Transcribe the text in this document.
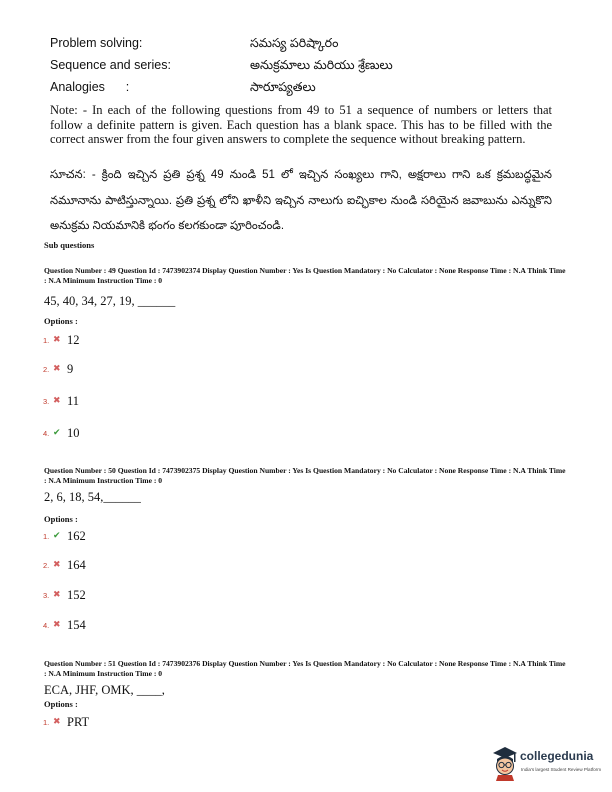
Problem solving:	సమస్య పరిష్కారం
Sequence and series:	అనుక్రమాలు మరియు శ్రేణులు
Analogies      :	సారూప్యతలు
Note: - In each of the following questions from 49 to 51 a sequence of numbers or letters that follow a definite pattern is given. Each question has a blank space. This has to be filled with the correct answer from the four given answers to complete the sequence without breaking pattern.
సూచన: - క్రింది ఇచ్చిన ప్రతి ప్రశ్న 49 నుండి 51 లో ఇచ్చిన సంఖ్యలు గాని, అక్షరాలు గాని ఒక క్రమబద్ధమైన నమూనాను పాటిస్తున్నాయి. ప్రతి ప్రశ్న లోని ఖాళీని ఇచ్చిన నాలుగు ఐచ్ఛికాల నుండి సరియైన జవాబును ఎన్నుకొని అనుక్రమ నియమానికి భంగం కలగకుండా పూరించండి.
Sub questions
Question Number : 49 Question Id : 7473902374 Display Question Number : Yes Is Question Mandatory : No Calculator : None Response Time : N.A Think Time : N.A Minimum Instruction Time : 0
45, 40, 34, 27, 19, ______
Options :
1. ✖ 12
2. ✖ 9
3. ✖ 11
4. ✔ 10
Question Number : 50 Question Id : 7473902375 Display Question Number : Yes Is Question Mandatory : No Calculator : None Response Time : N.A Think Time : N.A Minimum Instruction Time : 0
2, 6, 18, 54,______
Options :
1. ✔ 162
2. ✖ 164
3. ✖ 152
4. ✖ 154
Question Number : 51 Question Id : 7473902376 Display Question Number : Yes Is Question Mandatory : No Calculator : None Response Time : N.A Think Time : N.A Minimum Instruction Time : 0
ECA, JHF, OMK, ____,
Options :
1. ✖ PRT
collegedunia
India's largest Student Review Platform
